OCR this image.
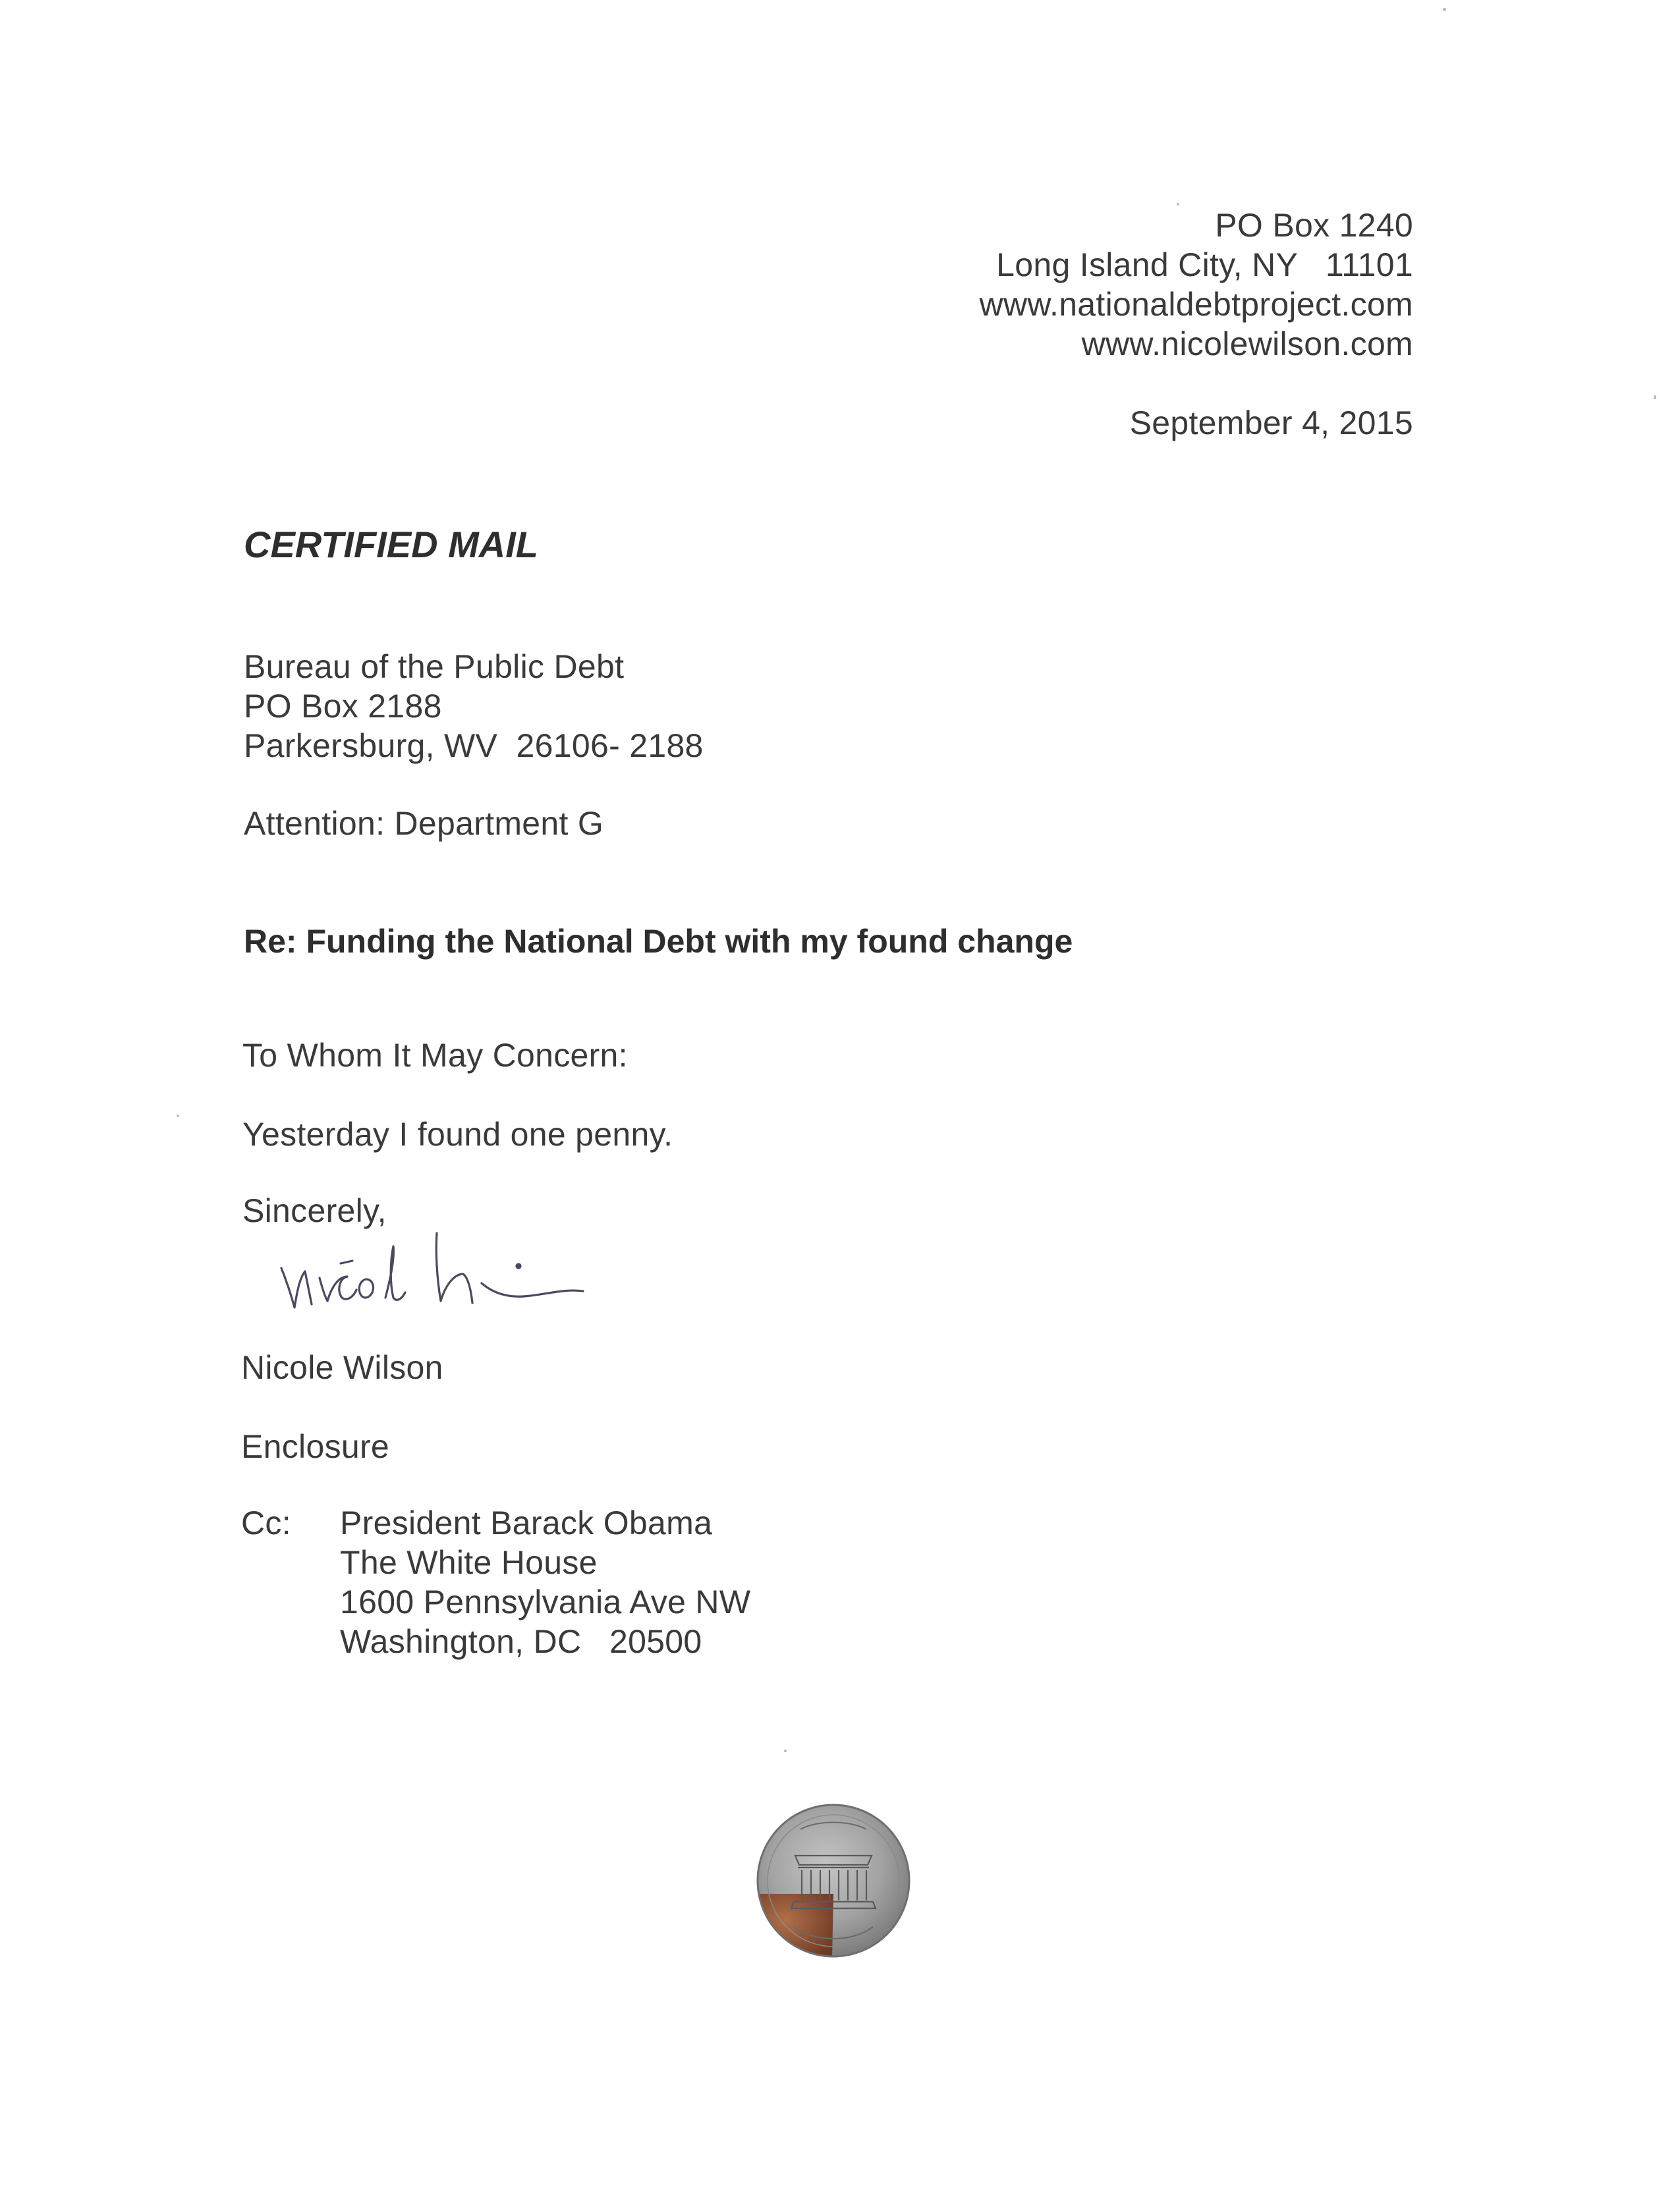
PO Box 1240
Long Island City, NY   11101
www.nationaldebtproject.com
www.nicolewilson.com
September 4, 2015
CERTIFIED MAIL
Bureau of the Public Debt
PO Box 2188
Parkersburg, WV  26106- 2188
Attention: Department G
Re: Funding the National Debt with my found change
To Whom It May Concern:
Yesterday I found one penny.
Sincerely,
Nicole Wilson
Enclosure
Cc: President Barack Obama
The White House
1600 Pennsylvania Ave NW
Washington, DC   20500
